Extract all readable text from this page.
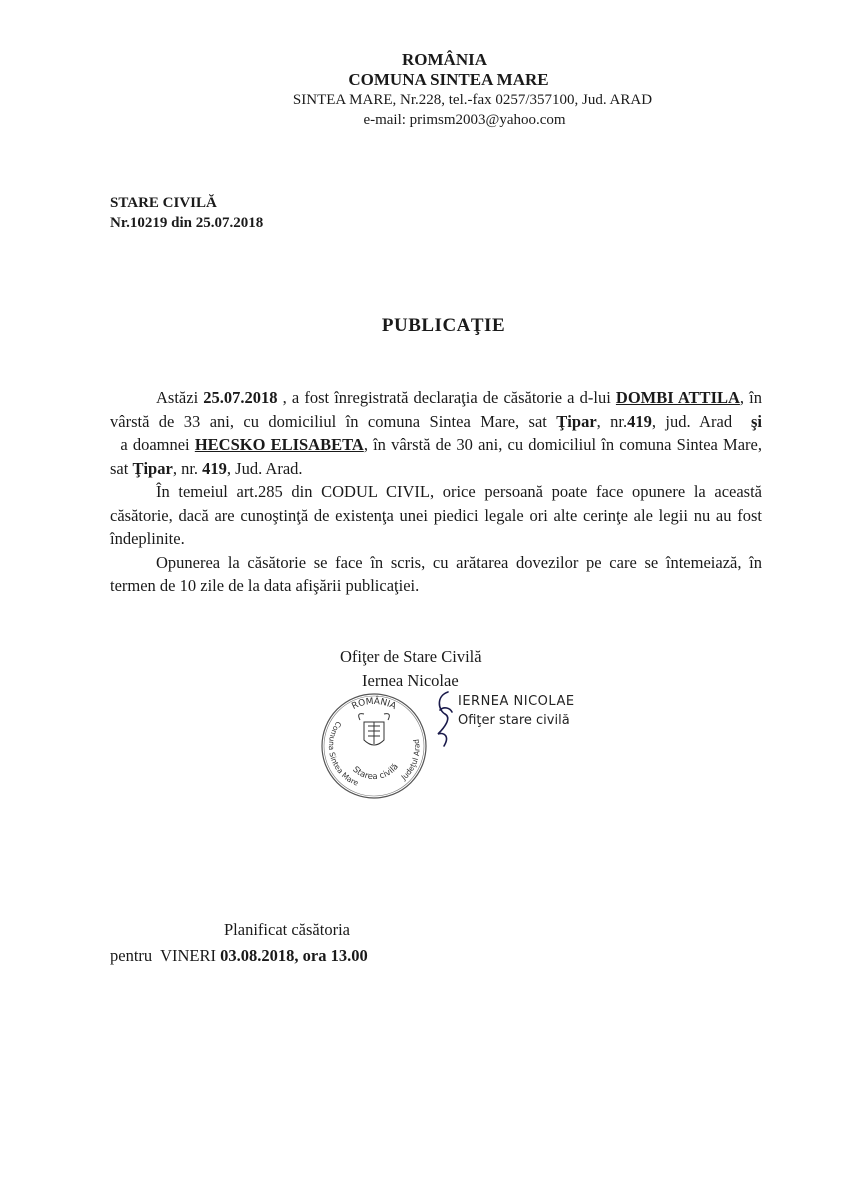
ROMÂNIA
COMUNA SINTEA MARE
SINTEA MARE, Nr.228, tel.-fax 0257/357100, Jud. ARAD
e-mail: primsm2003@yahoo.com
STARE CIVILĂ
Nr.10219 din 25.07.2018
PUBLICAŢIE

Astăzi 25.07.2018 , a fost înregistrată declaraţia de căsătorie a d-lui DOMBI ATTILA, în vârstă de 33 ani, cu domiciliul în comuna Sintea Mare, sat Ţipar, nr.419, jud. Arad  şi  a doamnei HECSKO ELISABETA, în vârstă de 30 ani, cu domiciliul în comuna Sintea Mare, sat Ţipar, nr. 419, Jud. Arad.

În temeiul art.285 din CODUL CIVIL, orice persoană poate face opunere la această căsătorie, dacă are cunoştinţă de existenţa unei piedici legale ori alte cerinţe ale legii nu au fost îndeplinite.

Opunerea la căsătorie se face în scris, cu arătarea dovezilor pe care se întemeiază, în termen de 10 zile de la data afişării publicaţiei.

Ofiţer de Stare Civilă
Iernea Nicolae
ROMÂNIA
Comuna Sintea Mare	Judeţul Arad
Starea civilă
IERNEA NICOLAE
Ofiţer stare civilă
Planificat căsătoria
pentru  VINERI 03.08.2018, ora 13.00
